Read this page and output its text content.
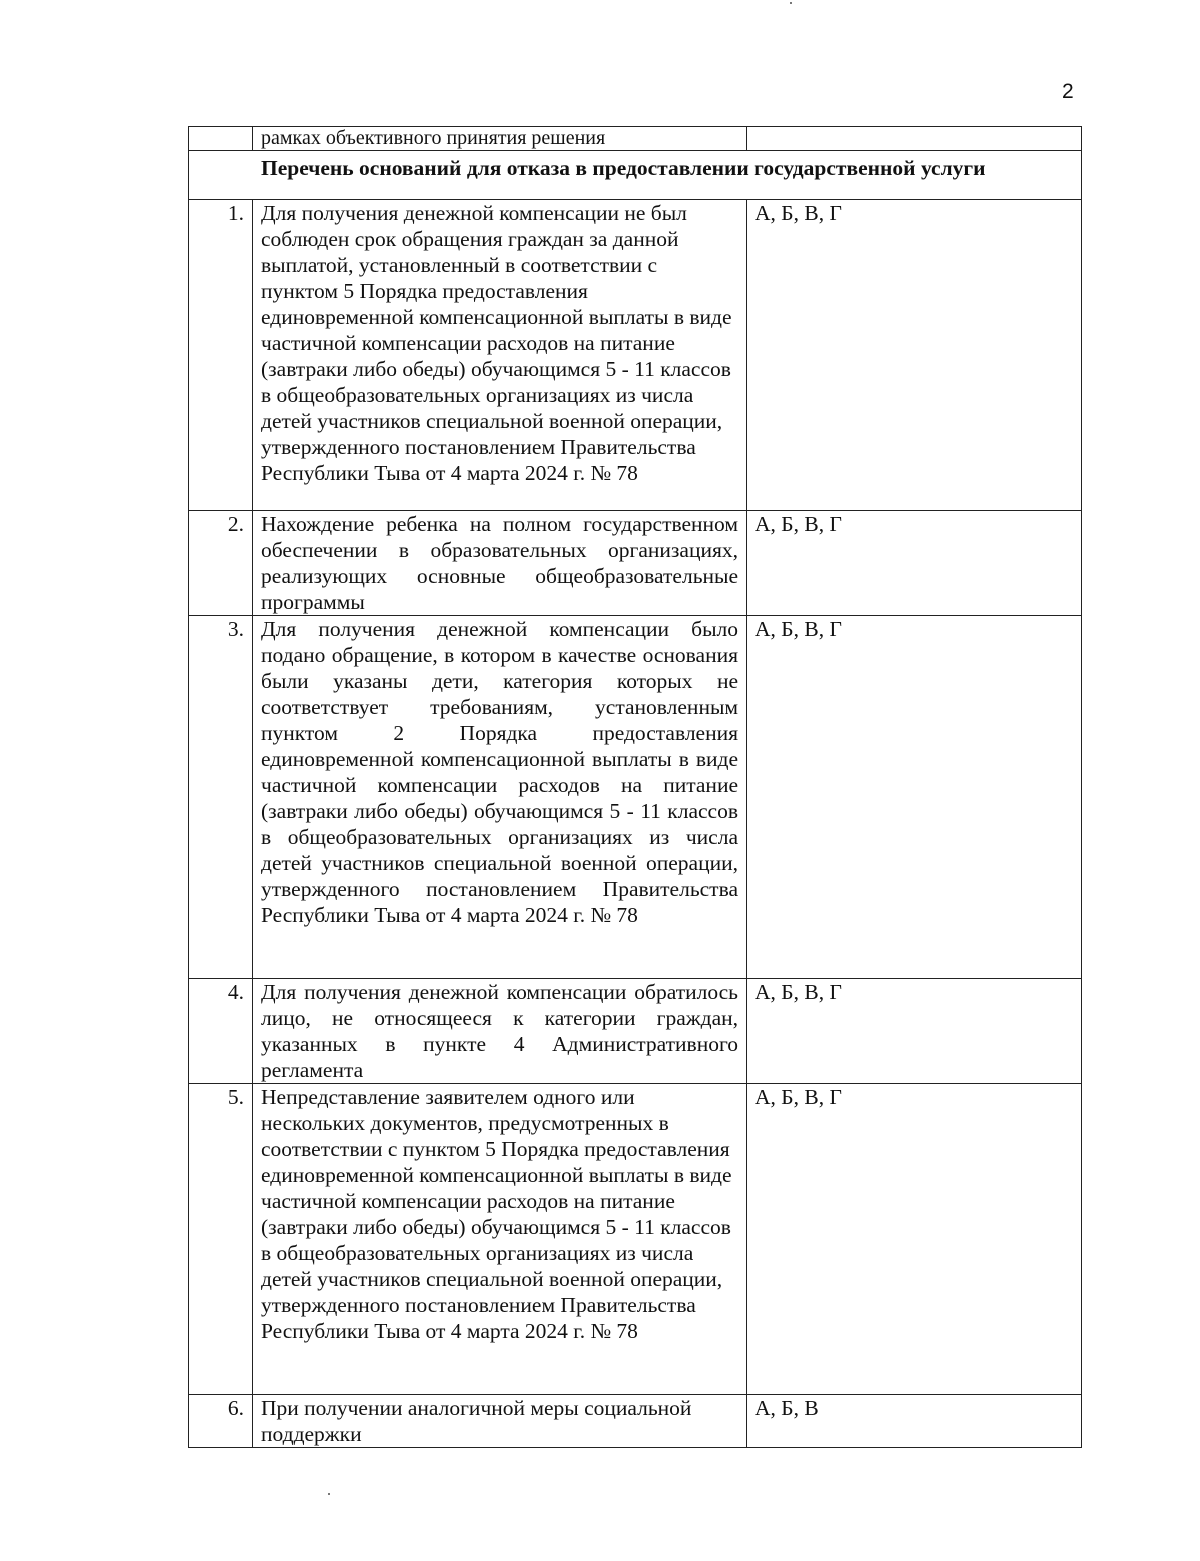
2
	рамках объективного принятия решения	
Перечень оснований для отказа в предоставлении государственной услуги		
1.	Для получения денежной компенсации не был соблюден срок обращения граждан за данной выплатой, установленный в соответствии с пунктом 5 Порядка предоставления единовременной компенсационной выплаты в виде частичной компенсации расходов на питание (завтраки либо обеды) обучающимся 5 - 11 классов в общеобразовательных организациях из числа детей участников специальной военной операции, утвержденного постановлением Правительства Республики Тыва от 4 марта 2024 г. № 78	А, Б, В, Г
2.	Нахождение ребенка на полном государственном обеспечении в образовательных организациях, реализующих основные общеобразовательные программы	А, Б, В, Г
3.	Для получения денежной компенсации было подано обращение, в котором в качестве основания были указаны дети, категория которых не соответствует требованиям, установленным пунктом 2 Порядка предоставления единовременной компенсационной выплаты в виде частичной компенсации расходов на питание (завтраки либо обеды) обучающимся 5 - 11 классов в общеобразовательных организациях из числа детей участников специальной военной операции, утвержденного постановлением Правительства Республики Тыва от 4 марта 2024 г. № 78	А, Б, В, Г
4.	Для получения денежной компенсации обратилось лицо, не относящееся к категории граждан, указанных в пункте 4 Административного регламента	А, Б, В, Г
5.	Непредставление заявителем одного или нескольких документов, предусмотренных в соответствии с пунктом 5 Порядка предоставления единовременной компенсационной выплаты в виде частичной компенсации расходов на питание (завтраки либо обеды) обучающимся 5 - 11 классов в общеобразовательных организациях из числа детей участников специальной военной операции, утвержденного постановлением Правительства Республики Тыва от 4 марта 2024 г. № 78	А, Б, В, Г
6.	При получении аналогичной меры социальной поддержки	А, Б, В
